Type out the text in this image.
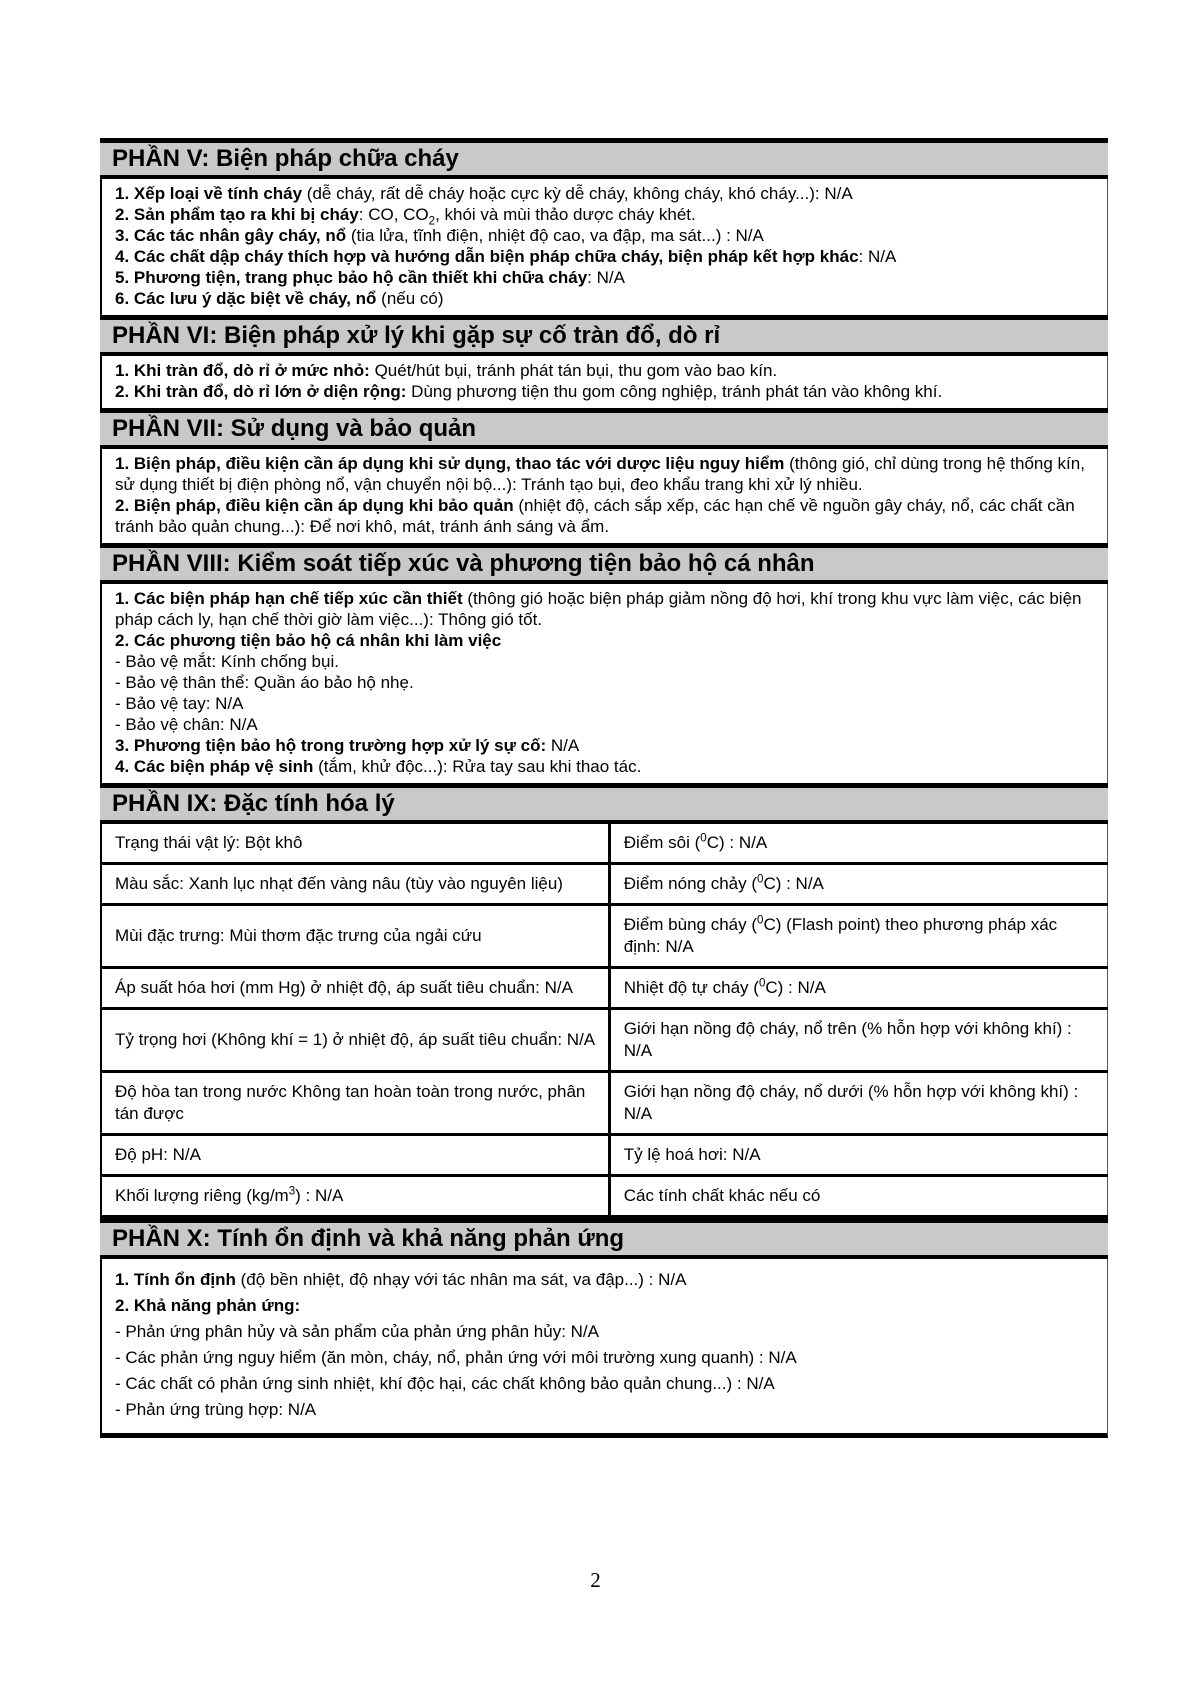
PHẦN V: Biện pháp chữa cháy
1. Xếp loại về tính cháy (dễ cháy, rất dễ cháy hoặc cực kỳ dễ cháy, không cháy, khó cháy...): N/A
2. Sản phẩm tạo ra khi bị cháy: CO, $CO_2$, khói và mùi thảo dược cháy khét.
3. Các tác nhân gây cháy, nổ (tia lửa, tĩnh điện, nhiệt độ cao, va đập, ma sát...) : N/A
4. Các chất dập cháy thích hợp và hướng dẫn biện pháp chữa cháy, biện pháp kết hợp khác: N/A
5. Phương tiện, trang phục bảo hộ cần thiết khi chữa cháy: N/A
6. Các lưu ý dặc biệt về cháy, nổ (nếu có)
PHẦN VI: Biện pháp xử lý khi gặp sự cố tràn đổ, dò rỉ
1. Khi tràn đổ, dò rỉ ở mức nhỏ: Quét/hút bụi, tránh phát tán bụi, thu gom vào bao kín.
2. Khi tràn đổ, dò rỉ lớn ở diện rộng: Dùng phương tiện thu gom công nghiệp, tránh phát tán vào không khí.
PHẦN VII: Sử dụng và bảo quản
1. Biện pháp, điều kiện cần áp dụng khi sử dụng, thao tác với dược liệu nguy hiểm (thông gió, chỉ dùng trong hệ thống kín, sử dụng thiết bị điện phòng nổ, vận chuyển nội bộ...): Tránh tạo bụi, đeo khẩu trang khi xử lý nhiều.
2. Biện pháp, điều kiện cần áp dụng khi bảo quản (nhiệt độ, cách sắp xếp, các hạn chế về nguồn gây cháy, nổ, các chất cần tránh bảo quản chung...): Để nơi khô, mát, tránh ánh sáng và ẩm.
PHẦN VIII: Kiểm soát tiếp xúc và phương tiện bảo hộ cá nhân
1. Các biện pháp hạn chế tiếp xúc cần thiết (thông gió hoặc biện pháp giảm nồng độ hơi, khí trong khu vực làm việc, các biện pháp cách ly, hạn chế thời giờ làm việc...): Thông gió tốt.
2. Các phương tiện bảo hộ cá nhân khi làm việc
- Bảo vệ mắt: Kính chống bụi.
- Bảo vệ thân thể: Quần áo bảo hộ nhẹ.
- Bảo vệ tay: N/A
- Bảo vệ chân: N/A
3. Phương tiện bảo hộ trong trường hợp xử lý sự cố: N/A
4. Các biện pháp vệ sinh (tắm, khử độc...): Rửa tay sau khi thao tác.
PHẦN IX: Đặc tính hóa lý
Trạng thái vật lý: Bột khô	Điểm sôi ($^0$C) : N/A
Màu sắc: Xanh lục nhạt đến vàng nâu (tùy vào nguyên liệu)	Điểm nóng chảy ($^0$C) : N/A
Mùi đặc trưng: Mùi thơm đặc trưng của ngải cứu	Điểm bùng cháy ($^0$C) (Flash point) theo phương pháp xác định: N/A
Áp suất hóa hơi (mm Hg) ở nhiệt độ, áp suất tiêu chuẩn: N/A	Nhiệt độ tự cháy ($^0$C) : N/A
Tỷ trọng hơi (Không khí = 1) ở nhiệt độ, áp suất tiêu chuẩn: N/A	Giới hạn nồng độ cháy, nổ trên (% hỗn hợp với không khí) : N/A
Độ hòa tan trong nước Không tan hoàn toàn trong nước, phân tán được	Giới hạn nồng độ cháy, nổ dưới (% hỗn hợp với không khí) : N/A
Độ pH: N/A	Tỷ lệ hoá hơi: N/A
Khối lượng riêng $(kg/m^3)$ : N/A	Các tính chất khác nếu có
PHẦN X: Tính ổn định và khả năng phản ứng
1. Tính ổn định (độ bền nhiệt, độ nhạy với tác nhân ma sát, va đập...) : N/A
2. Khả năng phản ứng:
- Phản ứng phân hủy và sản phẩm của phản ứng phân hủy: N/A
- Các phản ứng nguy hiểm (ăn mòn, cháy, nổ, phản ứng với môi trường xung quanh) : N/A
- Các chất có phản ứng sinh nhiệt, khí độc hại, các chất không bảo quản chung...) : N/A
- Phản ứng trùng hợp: N/A
2
